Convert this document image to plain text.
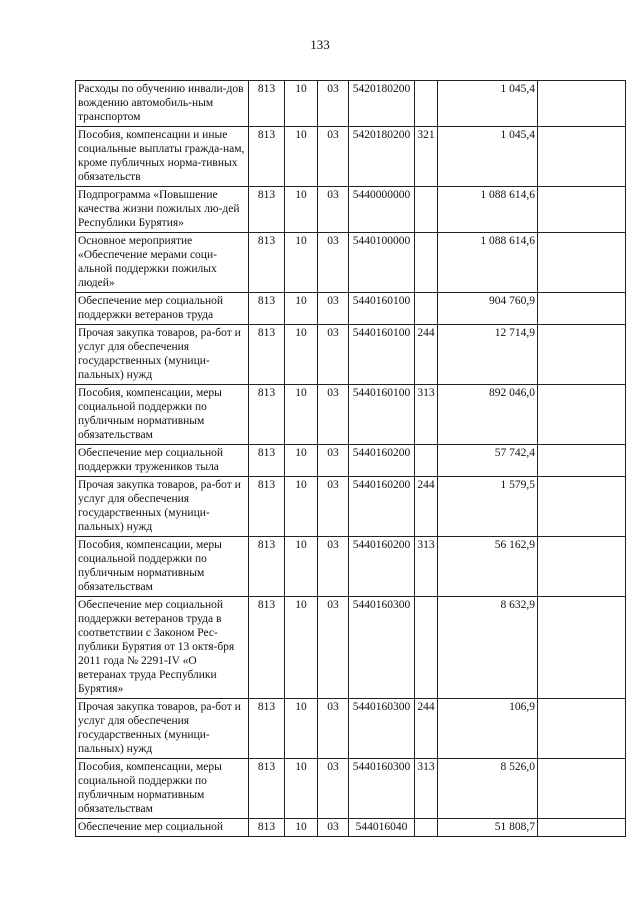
133
Расходы по обучению инвали-дов вождению автомобиль-ным транспортом	813	10	03	5420180200		1 045,4	
Пособия, компенсации и иные социальные выплаты гражда-нам, кроме публичных норма-тивных обязательств	813	10	03	5420180200	321	1 045,4	
Подпрограмма «Повышение качества жизни пожилых лю-дей Республики Бурятия»	813	10	03	5440000000		1 088 614,6	
Основное мероприятие «Обеспечение мерами соци-альной поддержки пожилых людей»	813	10	03	5440100000		1 088 614,6	
Обеспечение мер социальной поддержки ветеранов труда	813	10	03	5440160100		904 760,9	
Прочая закупка товаров, ра-бот и услуг для обеспечения государственных (муници-пальных) нужд	813	10	03	5440160100	244	12 714,9	
Пособия, компенсации, меры социальной поддержки по публичным нормативным обязательствам	813	10	03	5440160100	313	892 046,0	
Обеспечение мер социальной поддержки тружеников тыла	813	10	03	5440160200		57 742,4	
Прочая закупка товаров, ра-бот и услуг для обеспечения государственных (муници-пальных) нужд	813	10	03	5440160200	244	1 579,5	
Пособия, компенсации, меры социальной поддержки по публичным нормативным обязательствам	813	10	03	5440160200	313	56 162,9	
Обеспечение мер социальной поддержки ветеранов труда в соответствии с Законом Рес-публики Бурятия от 13 октя-бря 2011 года № 2291-IV «О ветеранах труда Республики Бурятия»	813	10	03	5440160300		8 632,9	
Прочая закупка товаров, ра-бот и услуг для обеспечения государственных (муници-пальных) нужд	813	10	03	5440160300	244	106,9	
Пособия, компенсации, меры социальной поддержки по публичным нормативным обязательствам	813	10	03	5440160300	313	8 526,0	
Обеспечение мер социальной	813	10	03	544016040		51 808,7	
